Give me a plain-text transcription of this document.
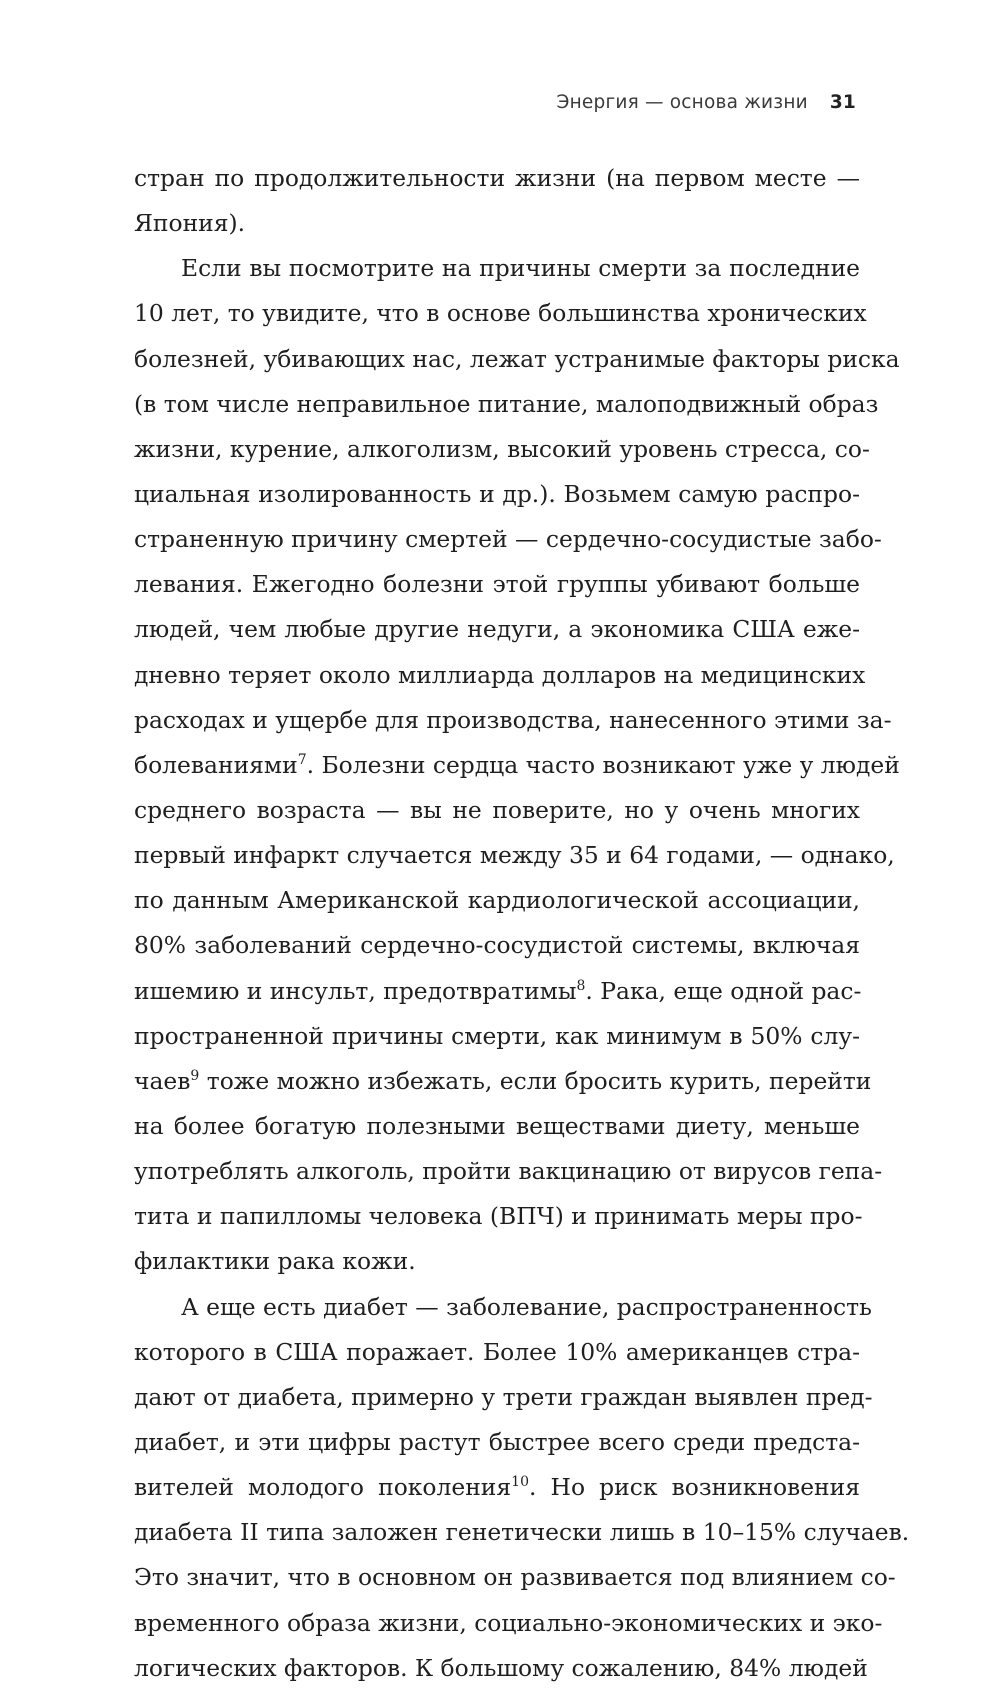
Энергия — основа жизни 31
стран по продолжительности жизни (на первом месте —
Япония).
Если вы посмотрите на причины смерти за последние
10 лет, то увидите, что в основе большинства хронических
болезней, убивающих нас, лежат устранимые факторы риска
(в том числе неправильное питание, малоподвижный образ
жизни, курение, алкоголизм, высокий уровень стресса, со-
циальная изолированность и др.). Возьмем самую распро-
страненную причину смертей — сердечно-сосудистые забо-
левания. Ежегодно болезни этой группы убивают больше
людей, чем любые другие недуги, а экономика США еже-
дневно теряет около миллиарда долларов на медицинских
расходах и ущербе для производства, нанесенного этими за-
болеваниями$^7$. Болезни сердца часто возникают уже у людей
среднего возраста — вы не поверите, но у очень многих
первый инфаркт случается между 35 и 64 годами, — однако,
по данным Американской кардиологической ассоциации,
80% заболеваний сердечно-сосудистой системы, включая
ишемию и инсульт, предотвратимы$^8$. Рака, еще одной рас-
пространенной причины смерти, как минимум в 50% слу-
чаев$^9$ тоже можно избежать, если бросить курить, перейти
на более богатую полезными веществами диету, меньше
употреблять алкоголь, пройти вакцинацию от вирусов гепа-
тита и папилломы человека (ВПЧ) и принимать меры про-
филактики рака кожи.
А еще есть диабет — заболевание, распространенность
которого в США поражает. Более 10% американцев стра-
дают от диабета, примерно у трети граждан выявлен пред-
диабет, и эти цифры растут быстрее всего среди предста-
вителей молодого поколения$^{10}$. Но риск возникновения
диабета II типа заложен генетически лишь в 10–15% случаев.
Это значит, что в основном он развивается под влиянием со-
временного образа жизни, социально-экономических и эко-
логических факторов. К большому сожалению, 84% людей
